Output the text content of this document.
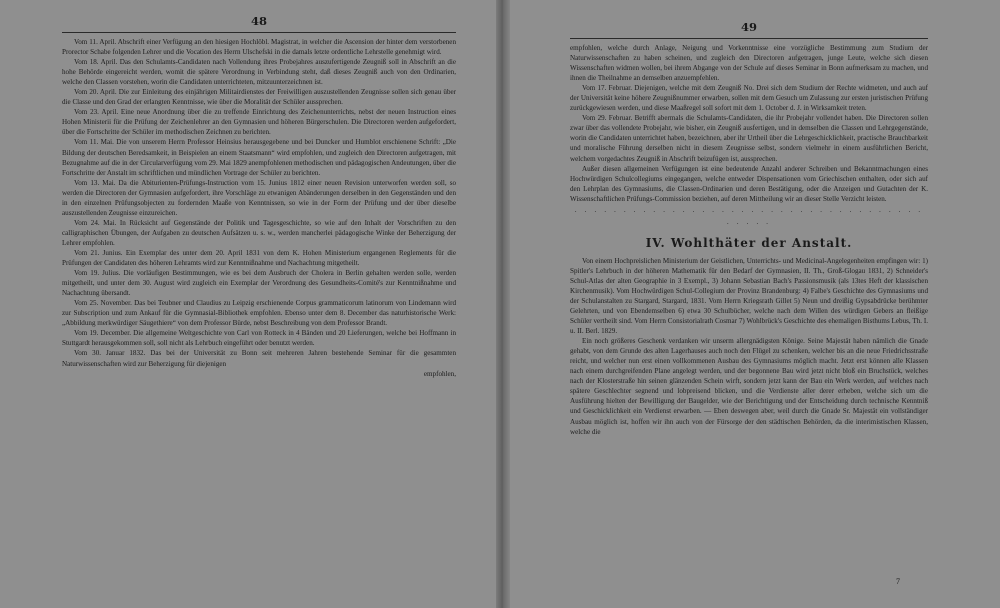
48

Vom 11. April. Abschrift einer Verfügung an den hiesigen Hochlöbl. Magistrat, in welcher die Ascension der hinter dem verstorbenen Prorector Schabe folgenden Lehrer und die Vocation des Herrn Ulschefski in die damals letzte ordentliche Lehrstelle genehmigt wird.

Vom 18. April. Das den Schulamts-Candidaten nach Vollendung ihres Probejahres auszufertigende Zeugniß soll in Abschrift an die hohe Behörde eingereicht werden, womit die spätere Verordnung in Verbindung steht, daß dieses Zeugniß auch von den Ordinarien, welche den Classen vorstehen, worin die Candidaten unterrichteten, mitzuunterzeichnen ist.

Vom 20. April. Die zur Einleitung des einjährigen Militairdienstes der Freiwilligen auszustellenden Zeugnisse sollen sich genau über die Classe und den Grad der erlangten Kenntnisse, wie über die Moralität der Schüler aussprechen.

Vom 23. April. Eine neue Anordnung über die zu treffende Einrichtung des Zeichenunterrichts, nebst der neuen Instruction eines Hohen Ministerii für die Prüfung der Zeichenlehrer an den Gymnasien und höheren Bürgerschulen. Die Directoren werden aufgefordert, über die Fortschritte der Schüler im methodischen Zeichnen zu berichten.

Vom 11. Mai. Die von unserem Herrn Professor Heinsius herausgegebene und bei Duncker und Humblot erschienene Schrift: „Die Bildung der deutschen Beredsamkeit, in Beispielen an einem Staatsmann“ wird empfohlen, und zugleich den Directoren aufgetragen, mit Bezugnahme auf die in der Circularverfügung vom 29. Mai 1829 anempfohlenen methodischen und pädagogischen Andeutungen, über die Fortschritte der Anstalt im schriftlichen und mündlichen Vortrage der Schüler zu berichten.

Vom 13. Mai. Da die Abiturienten-Prüfungs-Instruction vom 15. Junius 1812 einer neuen Revision unterworfen werden soll, so werden die Directoren der Gymnasien aufgefordert, ihre Vorschläge zu etwanigen Abänderungen derselben in den Gegenständen und den in den einzelnen Prüfungsobjecten zu fordernden Maaße von Kenntnissen, so wie in der Form der Prüfung und der über dieselbe auszustellenden Zeugnisse einzureichen.

Vom 24. Mai. In Rücksicht auf Gegenstände der Politik und Tagesgeschichte, so wie auf den Inhalt der Vorschriften zu den calligraphischen Übungen, der Aufgaben zu deutschen Aufsätzen u. s. w., werden mancherlei pädagogische Winke der Beherzigung der Lehrer empfohlen.

Vom 21. Junius. Ein Exemplar des unter dem 20. April 1831 von dem K. Hohen Ministerium ergangenen Reglements für die Prüfungen der Candidaten des höheren Lehramts wird zur Kenntnißnahme und Nachachtung mitgetheilt.

Vom 19. Julius. Die vorläufigen Bestimmungen, wie es bei dem Ausbruch der Cholera in Berlin gehalten werden solle, werden mitgetheilt, und unter dem 30. August wird zugleich ein Exemplar der Verordnung des Gesundheits-Comité's zur Kenntnißnahme und Nachachtung übersandt.

Vom 25. November. Das bei Teubner und Claudius zu Leipzig erschienende Corpus grammaticorum latinorum von Lindemann wird zur Subscription und zum Ankauf für die Gymnasial-Bibliothek empfohlen. Ebenso unter dem 8. December das naturhistorische Werk: „Abbildung merkwürdiger Säugethiere“ von dem Professor Bürde, nebst Beschreibung von dem Professor Brandt.

Vom 19. December. Die allgemeine Weltgeschichte von Carl von Rotteck in 4 Bänden und 20 Lieferungen, welche bei Hoffmann in Stuttgardt herausgekommen soll, soll nicht als Lehrbuch eingeführt oder benutzt werden.

Vom 30. Januar 1832. Das bei der Universität zu Bonn seit mehreren Jahren bestehende Seminar für die gesammten Naturwissenschaften wird zur Beherzigung für diejenigen

empfohlen,

49

empfohlen, welche durch Anlage, Neigung und Vorkenntnisse eine vorzügliche Bestimmung zum Studium der Naturwissenschaften zu haben scheinen, und zugleich den Directoren aufgetragen, junge Leute, welche sich diesen Wissenschaften widmen wollen, bei ihrem Abgange von der Schule auf dieses Seminar in Bonn aufmerksam zu machen, und ihnen die Theilnahme an demselben anzuempfehlen.

Vom 17. Februar. Diejenigen, welche mit dem Zeugniß No. Drei sich dem Studium der Rechte widmeten, und auch auf der Universität keine höhere Zeugnißnummer erwarben, sollen mit dem Gesuch um Zulassung zur ersten juristischen Prüfung zurückgewiesen werden, und diese Maaßregel soll sofort mit dem 1. October d. J. in Wirksamkeit treten.

Vom 29. Februar. Betrifft abermals die Schulamts-Candidaten, die ihr Probejahr vollendet haben. Die Directoren sollen zwar über das vollendete Probejahr, wie bisher, ein Zeugniß ausfertigen, und in demselben die Classen und Lehrgegenstände, worin die Candidaten unterrichtet haben, bezeichnen, aber ihr Urtheil über die Lehrgeschicklichkeit, practische Brauchbarkeit und moralische Führung derselben nicht in diesem Zeugnisse selbst, sondern vielmehr in einem ausführlichen Bericht, welchem vorgedachtes Zeugniß in Abschrift beizufügen ist, aussprechen.

Außer diesen allgemeinen Verfügungen ist eine bedeutende Anzahl anderer Schreiben und Bekanntmachungen eines Hochwürdigen Schulcollegiums eingegangen, welche entweder Dispensationen vom Griechischen enthalten, oder sich auf den Lehrplan des Gymnasiums, die Classen-Ordinarien und deren Bestätigung, oder die Anzeigen und Gutachten der K. Wissenschaftlichen Prüfungs-Commission beziehen, auf deren Mittheilung wir an dieser Stelle Verzicht leisten.

· · · · · · · · · · · · · · · · · · · · · · · · · · · · · · · · · · · · · · · · ·
IV. Wohlthäter der Anstalt.

Von einem Hochpreislichen Ministerium der Geistlichen, Unterrichts- und Medicinal-Angelegenheiten empfingen wir: 1) Spitler's Lehrbuch in der höheren Mathematik für den Bedarf der Gymnasien, II. Th., Groß-Glogau 1831, 2) Schneider's Schul-Atlas der alten Geographie in 3 Exempl., 3) Johann Sebastian Bach's Passionsmusik (als 13tes Heft der klassischen Kirchenmusik). Vom Hochwürdigen Schul-Collegium der Provinz Brandenburg: 4) Falbe's Geschichte des Gymnasiums und der Schulanstalten zu Stargard, Stargard, 1831. Vom Herrn Kriegsrath Gillet 5) Neun und dreißig Gypsabdrücke berühmter Gelehrten, und von Ebendemselben 6) etwa 30 Schulbücher, welche nach dem Willen des würdigen Gebers an fleißige Schüler vertheilt sind. Vom Herrn Consistorialrath Cosmar 7) Wohlbrück's Geschichte des ehemaligen Bisthums Lebus, Th. I. u. II. Berl. 1829.

Ein noch größeres Geschenk verdanken wir unserm allergnädigsten Könige. Seine Majestät haben nämlich die Gnade gehabt, von dem Grunde des alten Lagerhauses auch noch den Flügel zu schenken, welcher bis an die neue Friedrichsstraße reicht, und welcher nun erst einen vollkommenen Ausbau des Gymnasiums möglich macht. Jetzt erst können alle Klassen nach einem durchgreifenden Plane angelegt werden, und der begonnene Bau wird jetzt nicht bloß ein Bruchstück, welches nach der Klosterstraße hin seinen glänzenden Schein wirft, sondern jetzt kann der Bau ein Werk werden, auf welches nach spätere Geschlechter segnend und lobpreisend blicken, und die Verdienste aller derer erheben, welche sich um die Ausführung hielten der Bewilligung der Baugelder, wie der Berichtigung und der Entscheidung durch technische Kenntniß und Geschicklichkeit ein Verdienst erwarben. — Eben deswegen aber, weil durch die Gnade Sr. Majestät ein vollständiger Ausbau möglich ist, hoffen wir ihn auch von der Fürsorge der den städtischen Behörden, da die interimistischen Klassen, welche die

7
